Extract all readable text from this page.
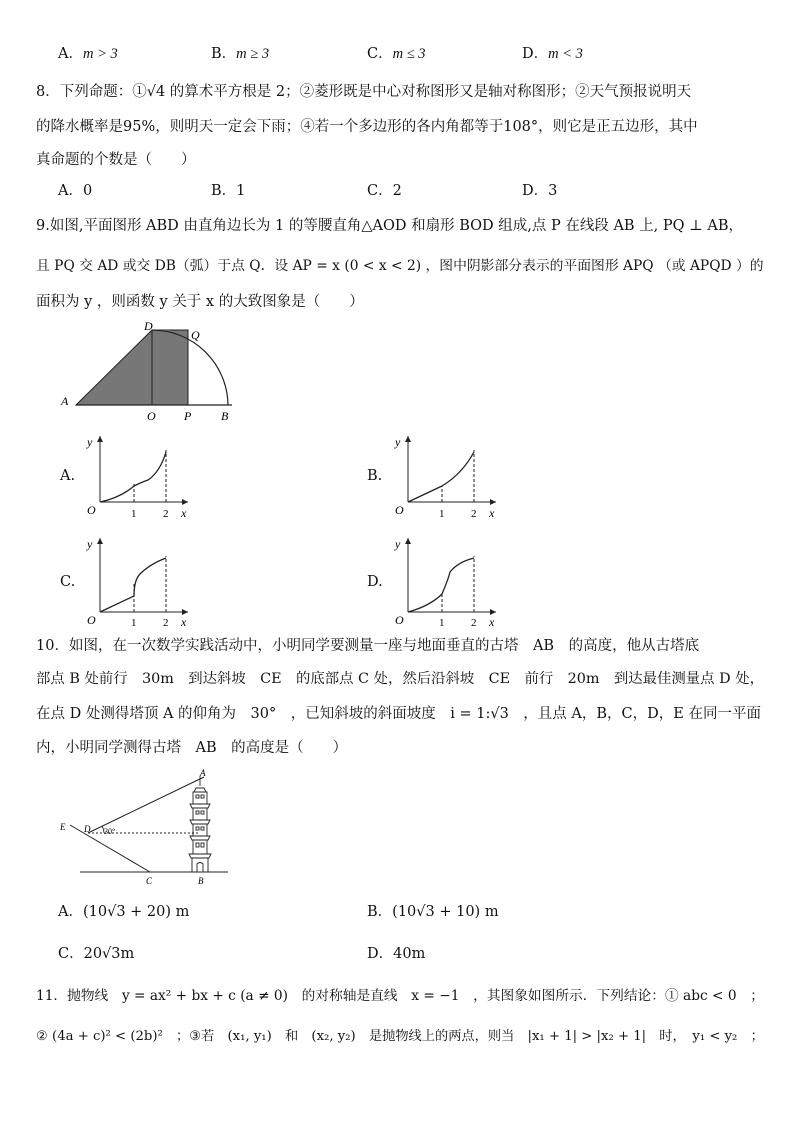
A．m > 3	B．m ≥ 3	C．m ≤ 3	D．m < 3
8．下列命题：①√4 的算术平方根是 2；②菱形既是中心对称图形又是轴对称图形；②天气预报说明天
的降水概率是95%，则明天一定会下雨；④若一个多边形的各内角都等于108°，则它是正五边形，其中
真命题的个数是（　　）
A．0	B．1	C．2	D．3
9.如图,平面图形 ABD 由直角边长为 1 的等腰直角△AOD 和扇形 BOD 组成,点 P 在线段 AB 上, PQ ⊥ AB，
且 PQ 交 AD 或交 DB（弧）于点 Q．设 AP = x (0 < x < 2) ，图中阴影部分表示的平面图形 APQ （或 APQD ）的
面积为 y ，则函数 y 关于 x 的大致图象是（　　）
A
D
Q
O P B
A.	B.
C.	D.
y
O	1 2 x
y
O	1 2 x
y
O	1 2 x
y
O	1 2 x
10．如图，在一次数学实践活动中，小明同学要测量一座与地面垂直的古塔　AB　的高度，他从古塔底
部点 B 处前行　30m　到达斜坡　CE　的底部点 C 处，然后沿斜坡　CE　前行　20m　到达最佳测量点 D 处，
在点 D 处测得塔顶 A 的仰角为　30°　，已知斜坡的斜面坡度　i = 1:√3　，且点 A，B，C，D，E 在同一平面
内，小明同学测得古塔　AB　的高度是（　　）
A
E D 30°
C	B
A．(10√3 + 20) m	B．(10√3 + 10) m
C．20√3m	D．40m
11．抛物线　y = ax² + bx + c (a ≠ 0)　的对称轴是直线　x = −1　，其图象如图所示．下列结论：① abc < 0　；
② (4a + c)² < (2b)²　；③若　(x₁, y₁)　和　(x₂, y₂)　是抛物线上的两点，则当　|x₁ + 1| > |x₂ + 1|　时，　y₁ < y₂　；
